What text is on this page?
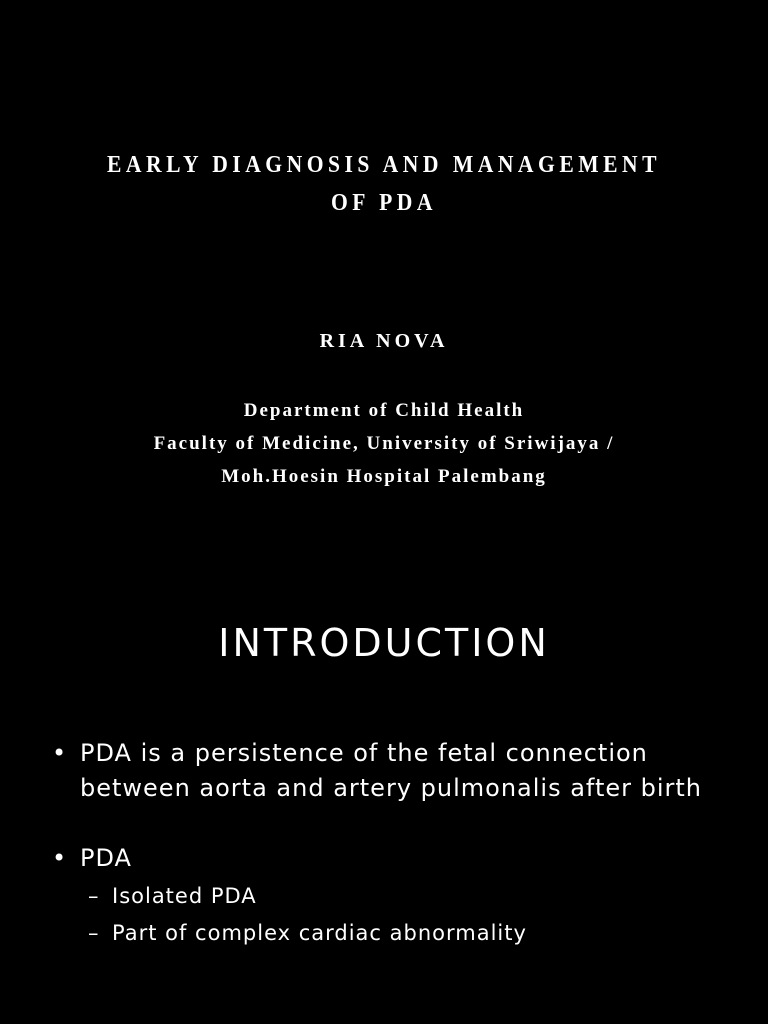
EARLY DIAGNOSIS AND MANAGEMENT
OF PDA
RIA NOVA
Department of Child Health
Faculty of Medicine, University of Sriwijaya /
Moh.Hoesin Hospital Palembang
INTRODUCTION
• PDA is a persistence of the fetal connection between aorta and artery pulmonalis after birth
• PDA
– Isolated PDA
– Part of complex cardiac abnormality
